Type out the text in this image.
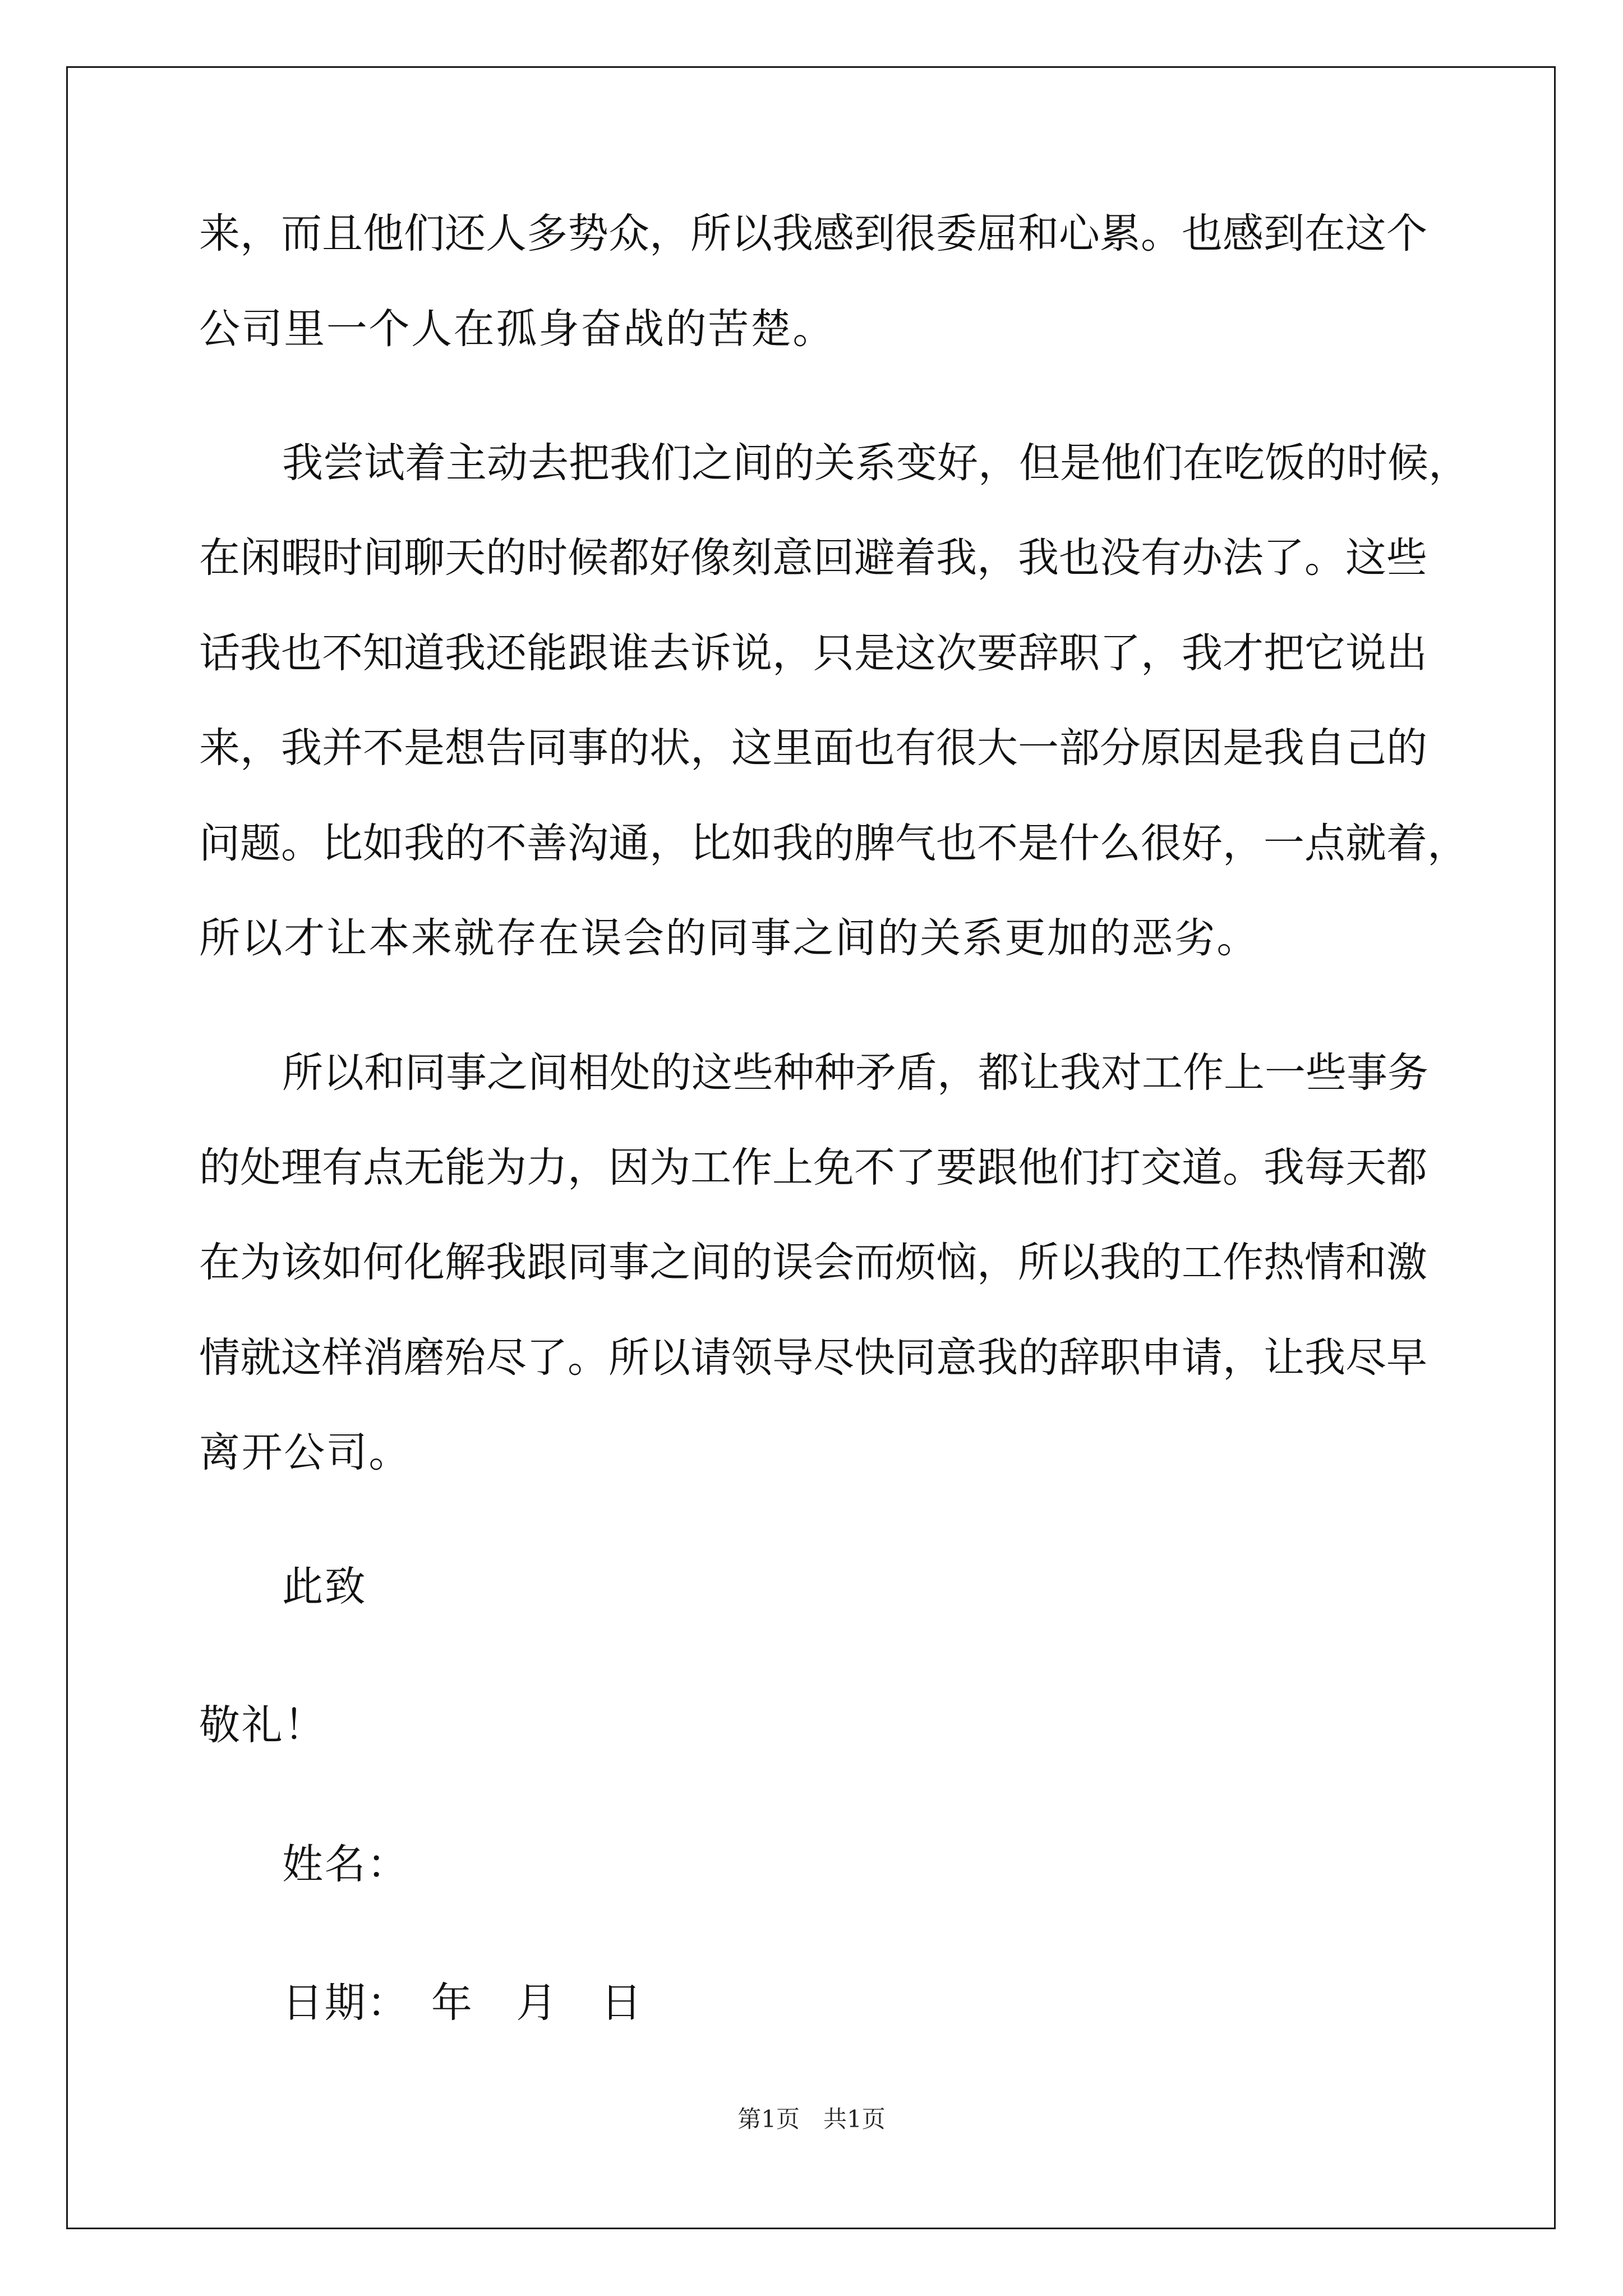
来，而且他们还人多势众，所以我感到很委屈和心累。也感到在这个
公司里一个人在孤身奋战的苦楚。
我尝试着主动去把我们之间的关系变好，但是他们在吃饭的时候，
在闲暇时间聊天的时候都好像刻意回避着我，我也没有办法了。这些
话我也不知道我还能跟谁去诉说，只是这次要辞职了，我才把它说出
来，我并不是想告同事的状，这里面也有很大一部分原因是我自己的
问题。比如我的不善沟通，比如我的脾气也不是什么很好，一点就着，
所以才让本来就存在误会的同事之间的关系更加的恶劣。
所以和同事之间相处的这些种种矛盾，都让我对工作上一些事务
的处理有点无能为力，因为工作上免不了要跟他们打交道。我每天都
在为该如何化解我跟同事之间的误会而烦恼，所以我的工作热情和激
情就这样消磨殆尽了。所以请领导尽快同意我的辞职申请，让我尽早
离开公司。
此致
敬礼！
姓名：
日期：　年　月　日
第1页　共1页
